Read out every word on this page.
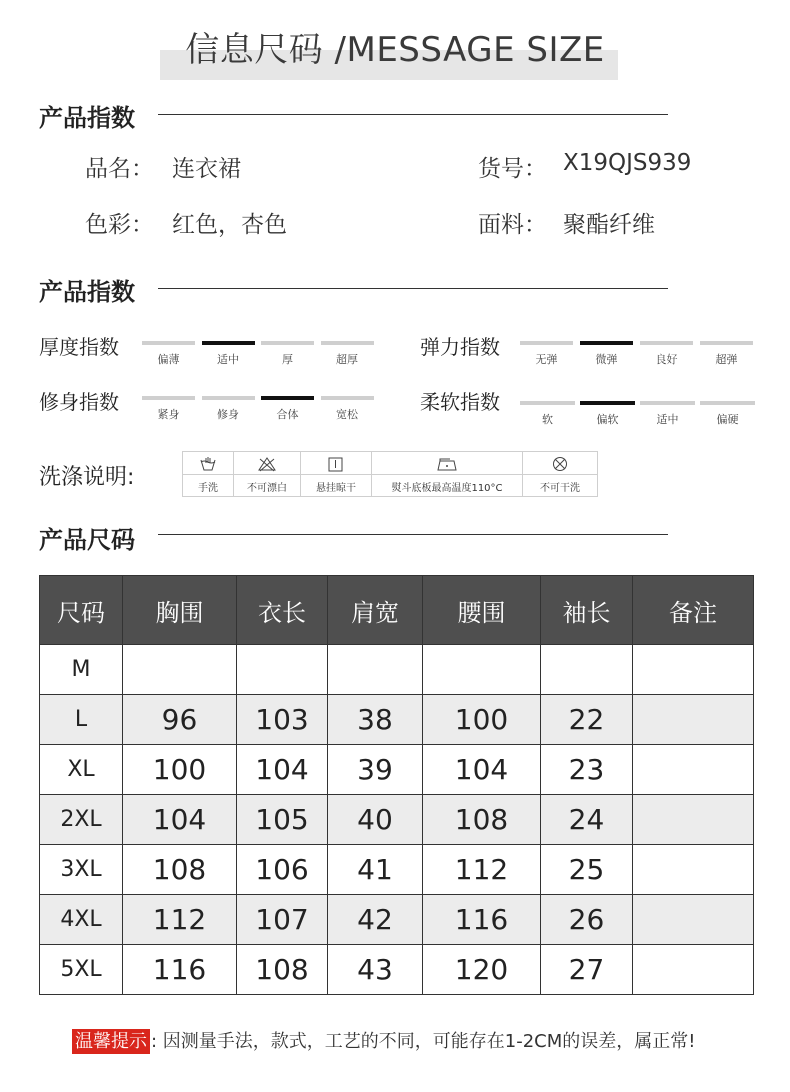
信息尺码 /MESSAGE SIZE
产品指数
品名： 连衣裙	货号： X19QJS939
色彩： 红色，杏色	面料： 聚酯纤维
产品指数
厚度指数
偏薄	适中	厚	超厚
弹力指数
无弹	微弹	良好	超弹
修身指数
紧身	修身	合体	宽松
柔软指数
软	偏软	适中	偏硬
洗涤说明:	手洗	不可漂白	悬挂晾干	熨斗底板最高温度110°C	不可干洗
产品尺码
尺码	胸围	衣长	肩宽	腰围	袖长	备注
M						
L	96	103	38	100	22	
XL	100	104	39	104	23	
2XL	104	105	40	108	24	
3XL	108	106	41	112	25	
4XL	112	107	42	116	26	
5XL	116	108	43	120	27	
温馨提示 : 因测量手法，款式，工艺的不同，可能存在1-2CM的误差，属正常!
